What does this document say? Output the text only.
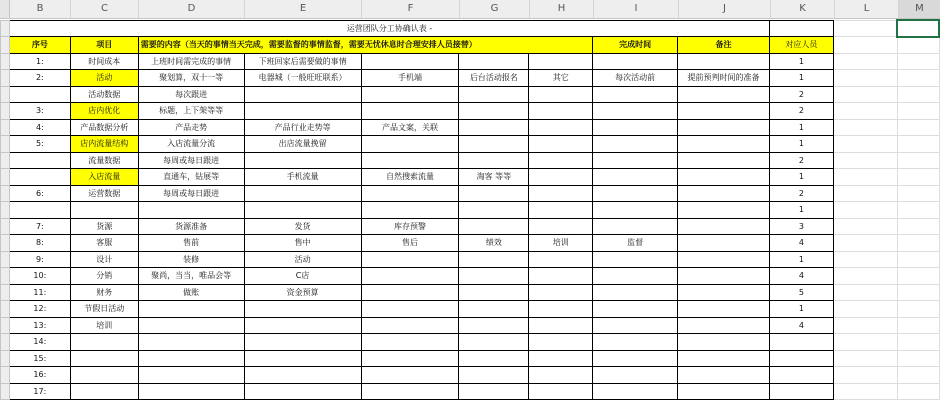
B	C	D	E	F	G	H	I	J	K	L	M
	运营团队分工协确认表 -											
	序号	项目	需要的内容（当天的事情当天完成，需要监督的事情监督，需要无忧休息时合理安排人员接替）					完成时间	备注	对应人员		
	1:	时间成本	上班时间需完成的事情	下班回家后需要做的事情						1		
	2:	活动	聚划算，双十一等	电器城（一般旺旺联系）	手机端	后台活动报名	其它	每次活动前	提前预判时间的准备	1		
		活动数据	每次跟进							2		
	3:	店内优化	标题，上下架等等							2		
	4:	产品数据分析	产品走势	产品行业走势等	产品文案，关联					1		
	5:	店内流量结构	入店流量分流	出店流量挽留						1		
		流量数据	每周或每日跟进							2		
		入店流量	直通车，钻展等	手机流量	自然搜索流量	淘客 等等				1		
	6:	运营数据	每周或每日跟进							2		
										1		
	7:	货源	货源准备	发货	库存预警					3		
	8:	客服	售前	售中	售后	绩效	培训	监督		4		
	9:	设计	装修	活动						1		
	10:	分销	聚尚，当当，唯品会等	C店						4		
	11:	财务	做账	资金预算						5		
	12:	节假日活动								1		
	13:	培训								4		
	14:											
	15:											
	16:											
	17:											
